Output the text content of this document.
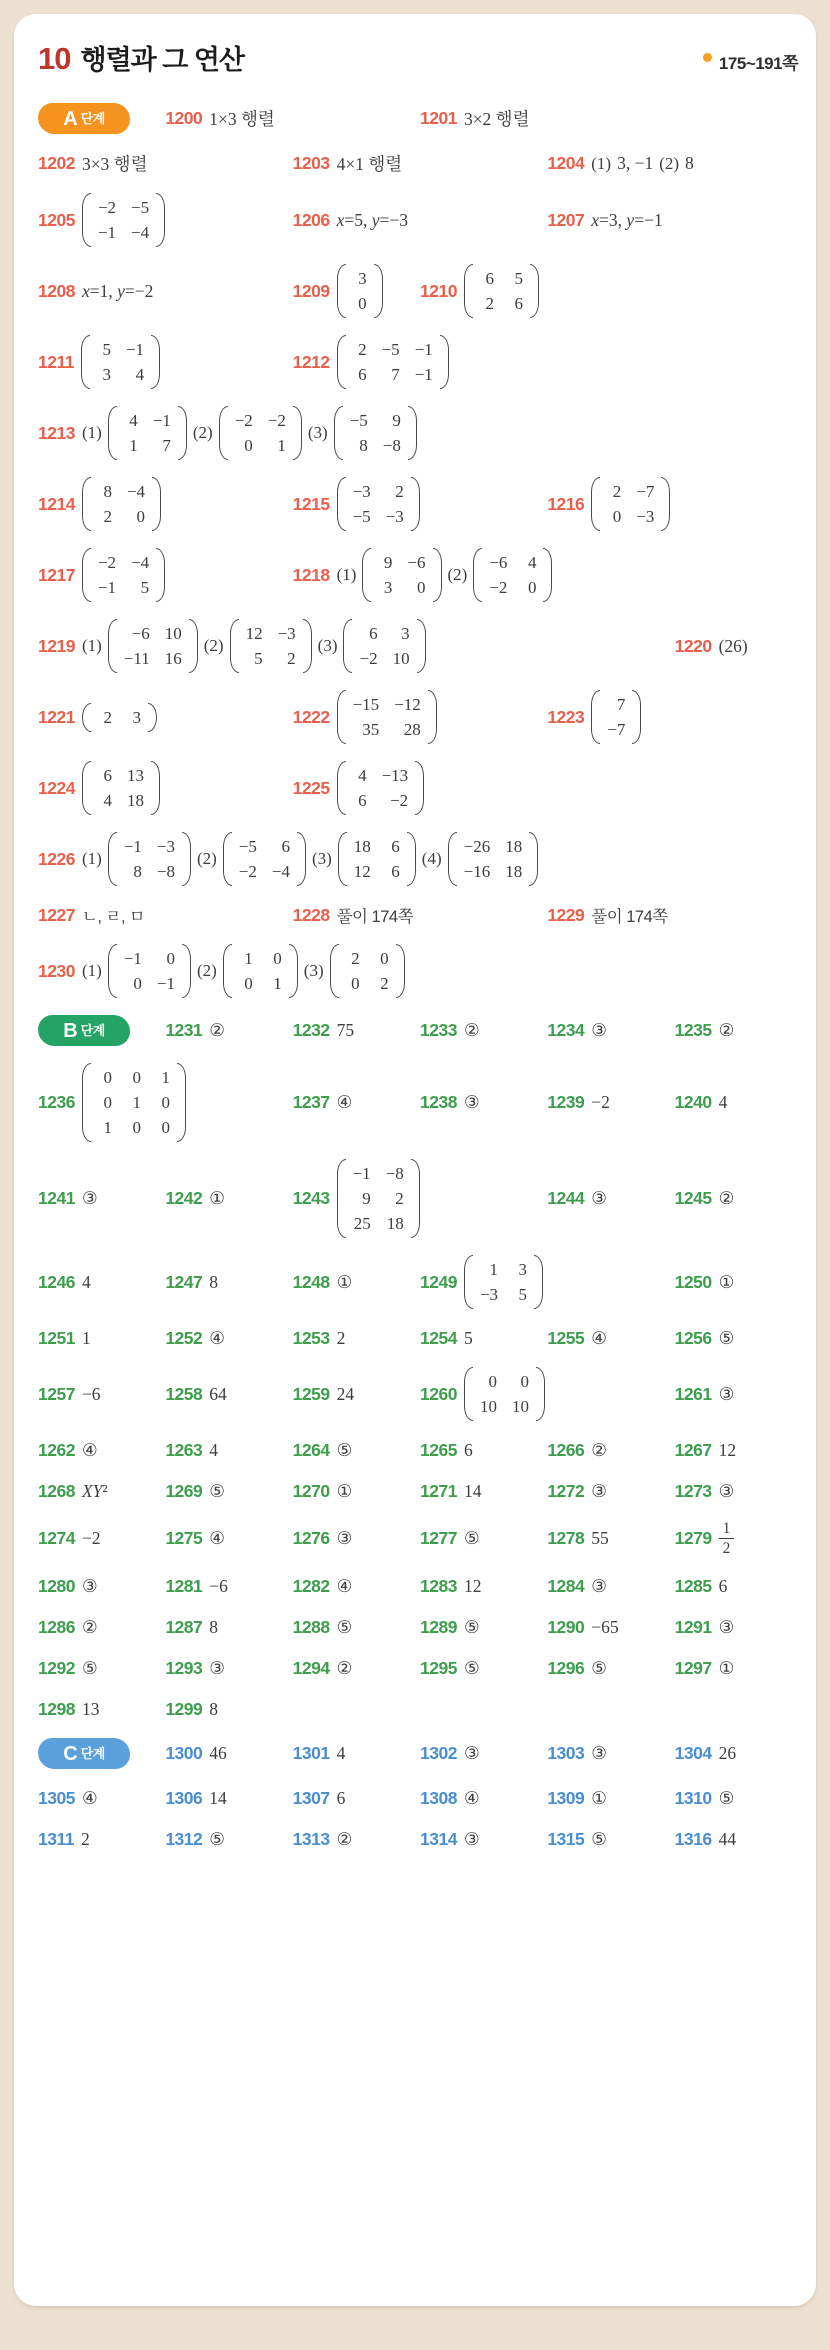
10 행렬과 그 연산	175~191쪽
A 단계	1200 1×3 행렬	1201 3×2 행렬
1202 3×3 행렬	1203 4×1 행렬	1204 (1) 3, −1 (2) 8
1205
−2 −5
−1 −4
1206 x=5, y=−3	1207 x=3, y=−1
1208 x=1, y=−2	1209
3
0
1210
6	5
2	6
1211
5 −1
3	4
1212
2 −5 −1
6	7 −1
1213 (1)
4 −1
1	7
(2)
−2 −2
0	1
(3)
−5	9
8 −8
1214
8 −4
2	0
1215
−3	2
−5 −3
1216
2 −7
0 −3
1217
−2 −4
−1	5
1218 (1)
9 −6
3	0
(2)
−6	4
−2	0
1219 (1)
−6 10
−11 16
(2)
12 −3
5	2
(3)
6	3
−2 10
1220 (26)
1221	2	3	1222
−15 −12
35	28
1223
7
−7
1224
6 13
4 18
1225
4 −13
6	−2
1226 (1)
−1 −3
8 −8
(2)
−5	6
−2 −4
(3)
18	6
12	6
(4)
−26 18
−16 18
1227 ㄴ, ㄹ, ㅁ	1228 풀이 174쪽	1229 풀이 174쪽
1230 (1)
−1	0
0 −1
(2)
1	0
0	1
(3)
2	0
0	2
B 단계	1231 ②	1232 75	1233 ②	1234 ③	1235 ②
1236
0	0	1
0	1	0
1	0	0
1237 ④	1238 ③	1239 −2	1240 4
1241 ③	1242 ①	1243
−1 −8
9	2
25 18
1244 ③	1245 ②
1246 4	1247 8	1248 ①	1249
1	3
−3	5
1250 ①
1251 1	1252 ④	1253 2	1254 5	1255 ④	1256 ⑤
1257 −6	1258 64	1259 24	1260
0	0
10 10
1261 ③
1262 ④	1263 4	1264 ⑤	1265 6	1266 ②	1267 12
1268 XY²	1269 ⑤	1270 ①	1271 14	1272 ③	1273 ③
1274 −2	1275 ④	1276 ③	1277 ⑤	1278 55	$1279 \frac{1}{2}$
1280 ③	1281 −6	1282 ④	1283 12	1284 ③	1285 6
1286 ②	1287 8	1288 ⑤	1289 ⑤	1290 −65	1291 ③
1292 ⑤	1293 ③	1294 ②	1295 ⑤	1296 ⑤	1297 ①
1298 13	1299 8
C 단계	1300 46	1301 4	1302 ③	1303 ③	1304 26
1305 ④	1306 14	1307 6	1308 ④	1309 ①	1310 ⑤
1311 2	1312 ⑤	1313 ②	1314 ③	1315 ⑤	1316 44
